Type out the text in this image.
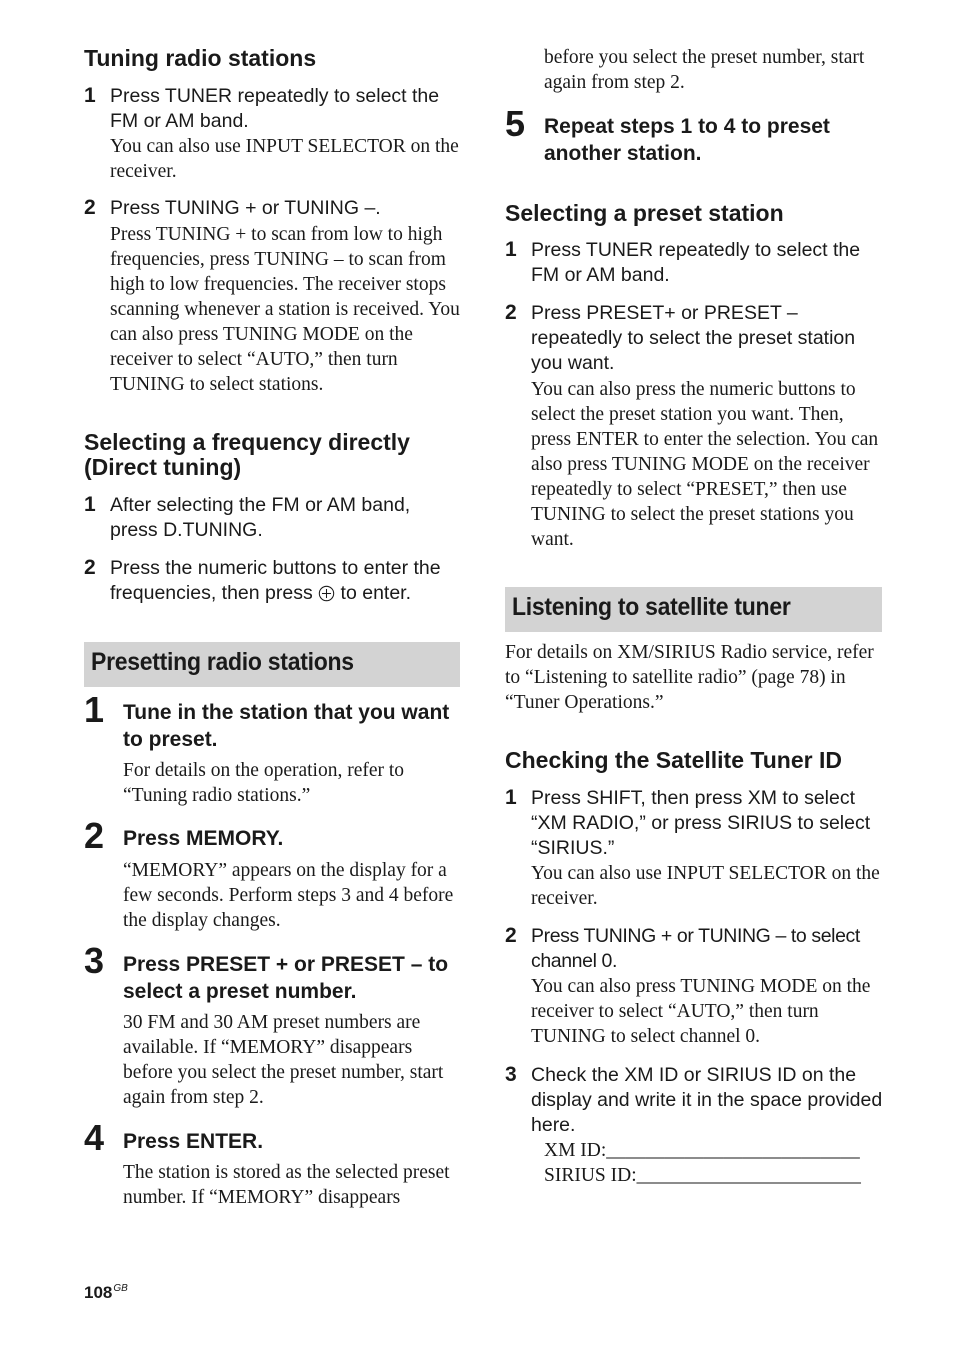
Tuning radio stations
1 Press TUNER repeatedly to select the FM or AM band.

You can also use INPUT SELECTOR on the receiver.

2 Press TUNING + or TUNING –.

Press TUNING + to scan from low to high frequencies, press TUNING – to scan from high to low frequencies. The receiver stops scanning whenever a station is received. You can also press TUNING MODE on the receiver to select “AUTO,” then turn TUNING to select stations.

Selecting a frequency directly (Direct tuning)
1 After selecting the FM or AM band, press D.TUNING.

2 Press the numeric buttons to enter the frequencies, then press to enter.

Presetting radio stations
1 Tune in the station that you want to preset.

For details on the operation, refer to “Tuning radio stations.”

2 Press MEMORY.

“MEMORY” appears on the display for a few seconds. Perform steps 3 and 4 before the display changes.

3 Press PRESET + or PRESET – to select a preset number.

30 FM and 30 AM preset numbers are available. If “MEMORY” disappears before you select the preset number, start again from step 2.

4 Press ENTER.

The station is stored as the selected preset number. If “MEMORY” disappears

before you select the preset number, start again from step 2.

5 Repeat steps 1 to 4 to preset another station.

Selecting a preset station
1 Press TUNER repeatedly to select the FM or AM band.

2 Press PRESET+ or PRESET – repeatedly to select the preset station you want.

You can also press the numeric buttons to select the preset station you want. Then, press ENTER to enter the selection. You can also press TUNING MODE on the receiver repeatedly to select “PRESET,” then use TUNING to select the preset stations you want.

Listening to satellite tuner

For details on XM/SIRIUS Radio service, refer to “Listening to satellite radio” (page 78) in “Tuner Operations.”

Checking the Satellite Tuner ID
1 Press SHIFT, then press XM to select “XM RADIO,” or press SIRIUS to select “SIRIUS.”

You can also use INPUT SELECTOR on the receiver.

2 Press TUNING + or TUNING – to select channel 0.

You can also press TUNING MODE on the receiver to select “AUTO,” then turn TUNING to select channel 0.

3 Check the XM ID or SIRIUS ID on the display and write it in the space provided here.

XM ID:__________________________

SIRIUS ID:_______________________

$108^{GB}$
